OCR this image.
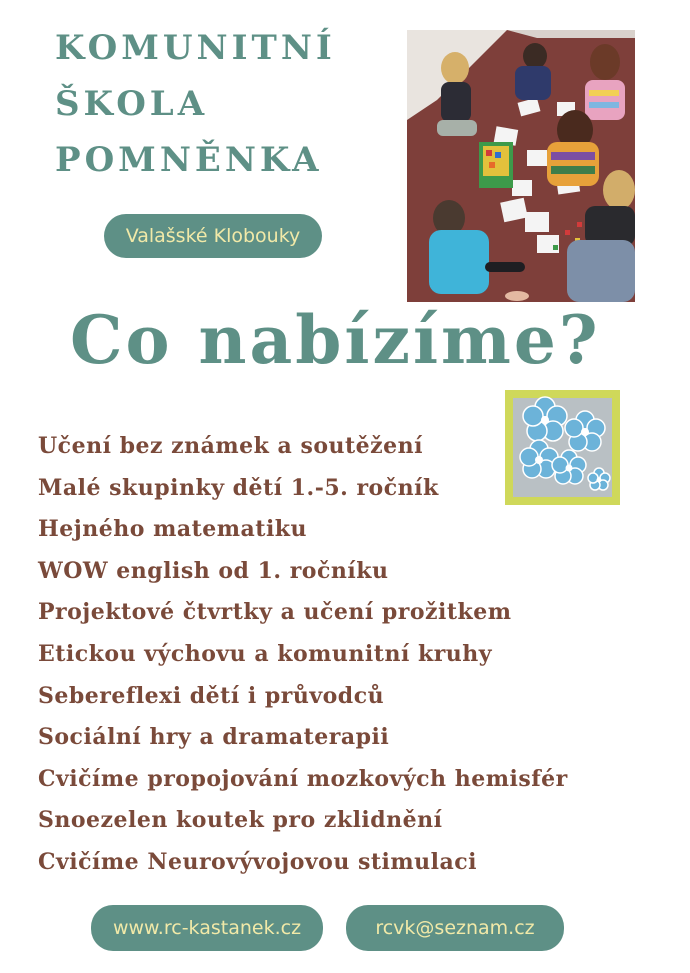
KOMUNITNÍ
ŠKOLA
POMNĚNKA
Valašské Klobouky
Co nabízíme?
Učení bez známek a soutěžení
Malé skupinky dětí 1.-5. ročník
Hejného matematiku
WOW english od 1. ročníku
Projektové čtvrtky a učení prožitkem
Etickou výchovu a komunitní kruhy
Sebereflexi dětí i průvodců
Sociální hry a dramaterapii
Cvičíme propojování mozkových hemisfér
Snoezelen koutek pro zklidnění
Cvičíme Neurovývojovou stimulaci
www.rc-kastanek.cz	rcvk@seznam.cz
